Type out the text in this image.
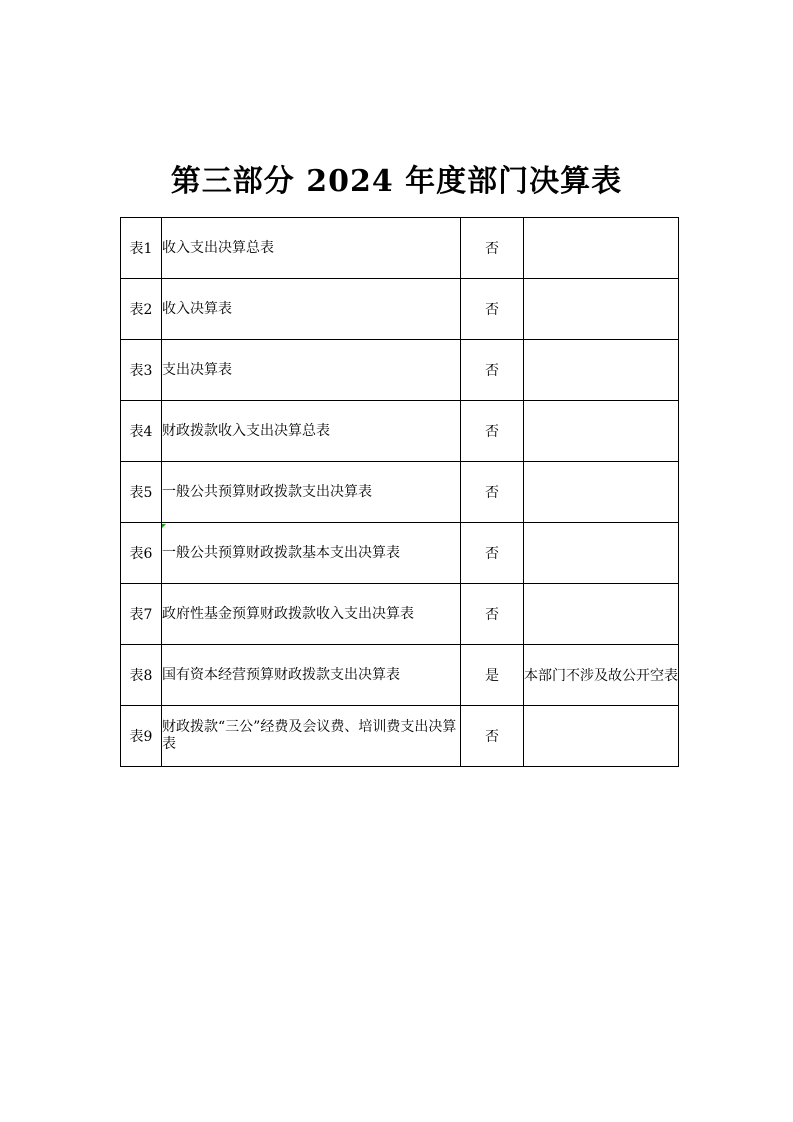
第三部分 2024 年度部门决算表
表1	收入支出决算总表	否	
表2	收入决算表	否	
表3	支出决算表	否	
表4	财政拨款收入支出决算总表	否	
表5	一般公共预算财政拨款支出决算表	否	
表6	一般公共预算财政拨款基本支出决算表	否	
表7	政府性基金预算财政拨款收入支出决算表	否	
表8	国有资本经营预算财政拨款支出决算表	是	本部门不涉及故公开空表
表9	财政拨款“三公”经费及会议费、培训费支出决算表	否	
